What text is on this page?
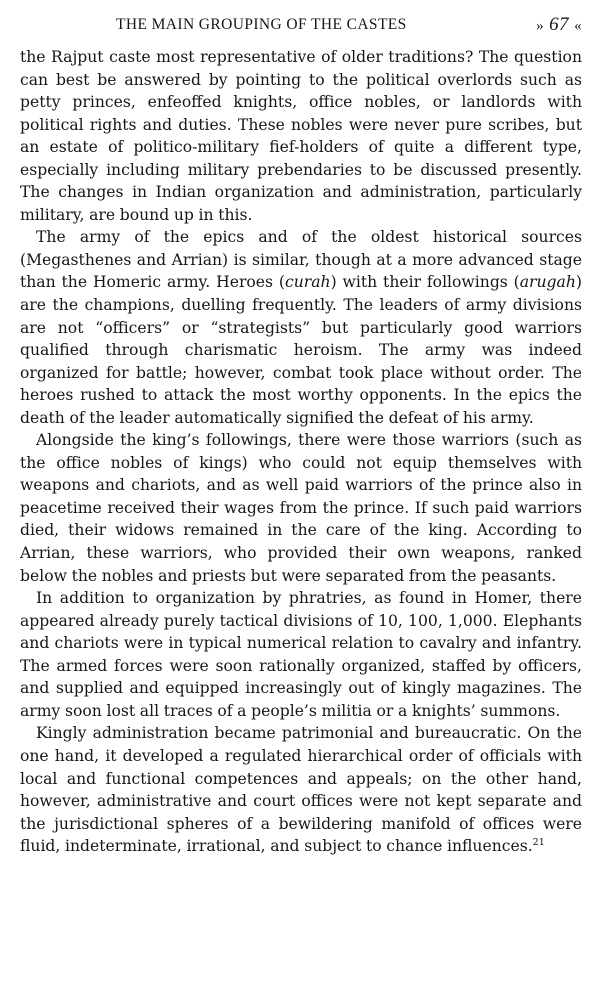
THE MAIN GROUPING OF THE CASTES	» 67 «

the Rajput caste most representative of older traditions? The question can best be answered by pointing to the political overlords such as petty princes, enfeoffed knights, office nobles, or landlords with political rights and duties. These nobles were never pure scribes, but an estate of politico-military fief-holders of quite a different type, especially including military prebendaries to be discussed presently. The changes in Indian organization and administration, particularly military, are bound up in this.

The army of the epics and of the oldest historical sources (Megasthenes and Arrian) is similar, though at a more advanced stage than the Homeric army. Heroes (curah) with their followings (arugah) are the champions, duelling frequently. The leaders of army divisions are not “officers” or “strategists” but particularly good warriors qualified through charismatic heroism. The army was indeed organized for battle; however, combat took place without order. The heroes rushed to attack the most worthy opponents. In the epics the death of the leader automatically signified the defeat of his army.

Alongside the king’s followings, there were those warriors (such as the office nobles of kings) who could not equip themselves with weapons and chariots, and as well paid warriors of the prince also in peacetime received their wages from the prince. If such paid warriors died, their widows remained in the care of the king. According to Arrian, these warriors, who provided their own weapons, ranked below the nobles and priests but were separated from the peasants.

In addition to organization by phratries, as found in Homer, there appeared already purely tactical divisions of 10, 100, 1,000. Elephants and chariots were in typical numerical relation to cavalry and infantry. The armed forces were soon rationally organized, staffed by officers, and supplied and equipped increasingly out of kingly magazines. The army soon lost all traces of a people’s militia or a knights’ summons.

Kingly administration became patrimonial and bureaucratic. On the one hand, it developed a regulated hierarchical order of officials with local and functional competences and appeals; on the other hand, however, administrative and court offices were not kept separate and the jurisdictional spheres of a bewildering manifold of offices were fluid, indeterminate, irrational, and subject to chance influences.$^{21}$
